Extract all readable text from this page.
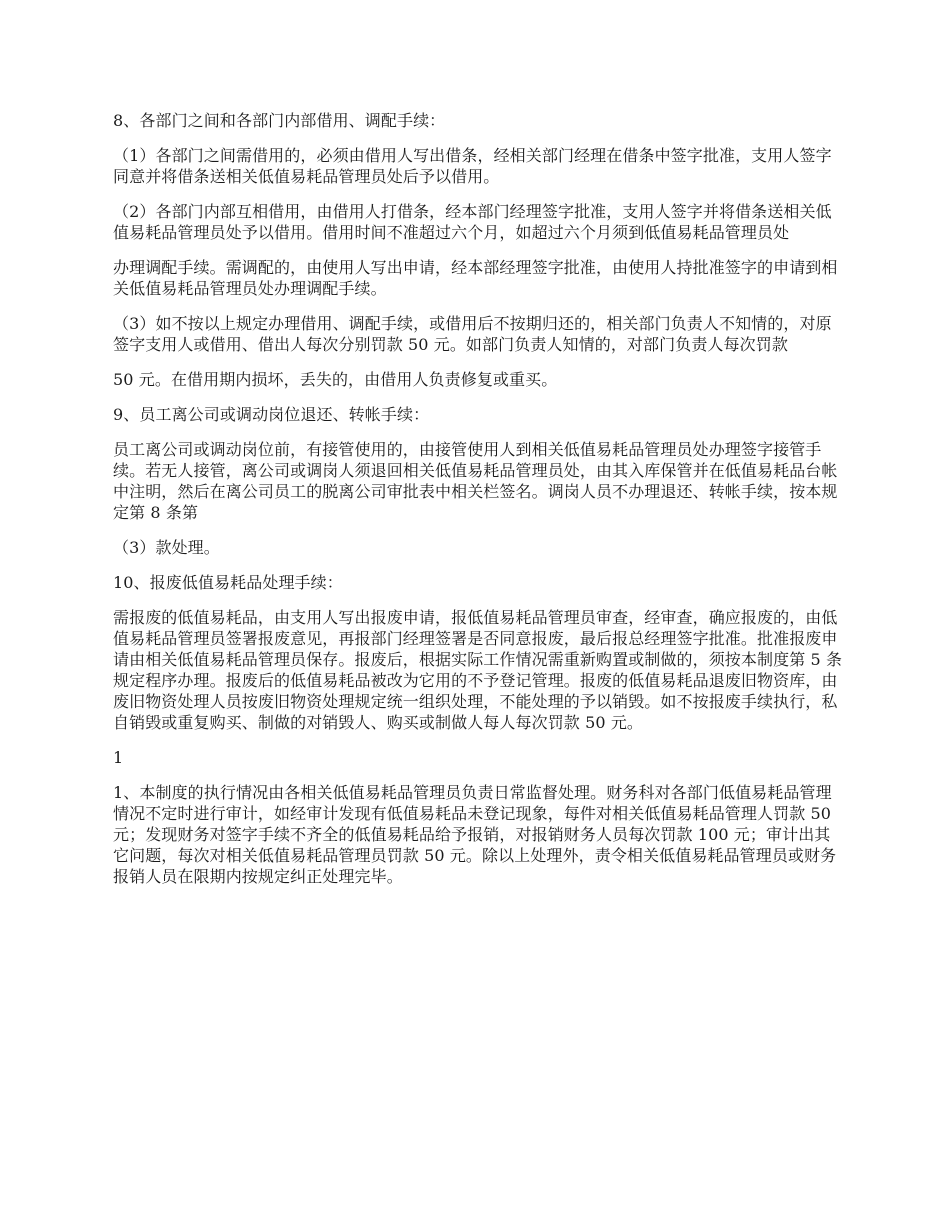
8、各部门之间和各部门内部借用、调配手续：

（1）各部门之间需借用的，必须由借用人写出借条，经相关部门经理在借条中签字批准，支用人签字同意并将借条送相关低值易耗品管理员处后予以借用。

（2）各部门内部互相借用，由借用人打借条，经本部门经理签字批准，支用人签字并将借条送相关低值易耗品管理员处予以借用。借用时间不准超过六个月，如超过六个月须到低值易耗品管理员处

办理调配手续。需调配的，由使用人写出申请，经本部经理签字批准，由使用人持批准签字的申请到相关低值易耗品管理员处办理调配手续。

（3）如不按以上规定办理借用、调配手续，或借用后不按期归还的，相关部门负责人不知情的，对原签字支用人或借用、借出人每次分别罚款 50 元。如部门负责人知情的，对部门负责人每次罚款

50 元。在借用期内损坏，丢失的，由借用人负责修复或重买。

9、员工离公司或调动岗位退还、转帐手续：

员工离公司或调动岗位前，有接管使用的，由接管使用人到相关低值易耗品管理员处办理签字接管手续。若无人接管，离公司或调岗人须退回相关低值易耗品管理员处，由其入库保管并在低值易耗品台帐中注明，然后在离公司员工的脱离公司审批表中相关栏签名。调岗人员不办理退还、转帐手续，按本规定第 8 条第

（3）款处理。

10、报废低值易耗品处理手续：

需报废的低值易耗品，由支用人写出报废申请，报低值易耗品管理员审查，经审查，确应报废的，由低值易耗品管理员签署报废意见，再报部门经理签署是否同意报废，最后报总经理签字批准。批准报废申请由相关低值易耗品管理员保存。报废后，根据实际工作情况需重新购置或制做的，须按本制度第 5 条规定程序办理。报废后的低值易耗品被改为它用的不予登记管理。报废的低值易耗品退废旧物资库，由废旧物资处理人员按废旧物资处理规定统一组织处理，不能处理的予以销毁。如不按报废手续执行，私自销毁或重复购买、制做的对销毁人、购买或制做人每人每次罚款 50 元。

1

1、本制度的执行情况由各相关低值易耗品管理员负责日常监督处理。财务科对各部门低值易耗品管理情况不定时进行审计，如经审计发现有低值易耗品未登记现象，每件对相关低值易耗品管理人罚款 50 元；发现财务对签字手续不齐全的低值易耗品给予报销，对报销财务人员每次罚款 100 元；审计出其它问题，每次对相关低值易耗品管理员罚款 50 元。除以上处理外，责令相关低值易耗品管理员或财务报销人员在限期内按规定纠正处理完毕。
